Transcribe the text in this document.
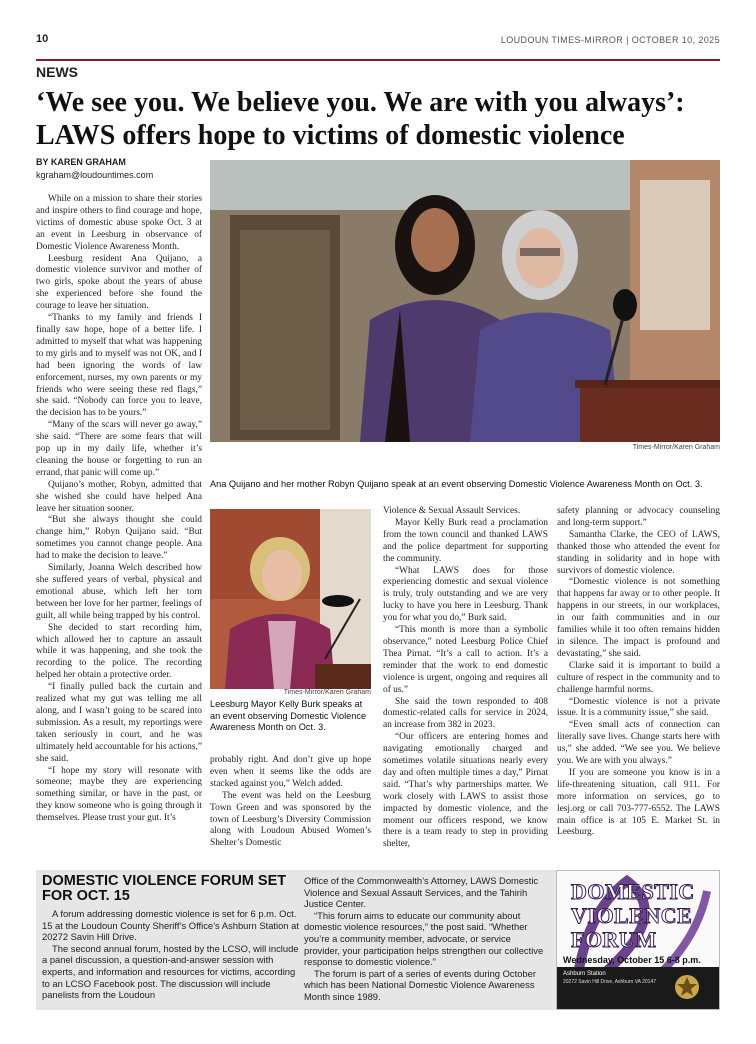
10	LOUDOUN TIMES-MIRROR | OCTOBER 10, 2025
NEWS
‘We see you. We believe you. We are with you always’: LAWS offers hope to victims of domestic violence
BY KAREN GRAHAM
kgraham@loudountimes.com

While on a mission to share their stories and inspire others to find courage and hope, victims of domestic abuse spoke Oct. 3 at an event in Leesburg in observance of Domestic Violence Awareness Month.

Leesburg resident Ana Quijano, a domestic violence survivor and mother of two girls, spoke about the years of abuse she experienced before she found the courage to leave her situation.

“Thanks to my family and friends I finally saw hope, hope of a better life. I admitted to myself that what was happening to my girls and to myself was not OK, and I had been ignoring the words of law enforcement, nurses, my own parents or my friends who were seeing these red flags,” she said. “Nobody can force you to leave, the decision has to be yours.”

“Many of the scars will never go away,” she said. “There are some fears that will pop up in my daily life, whether it’s cleaning the house or forgetting to run an errand, that panic will come up.”

Quijano’s mother, Robyn, admitted that she wished she could have helped Ana leave her situation sooner.

“But she always thought she could change him,” Robyn Quijano said. “But sometimes you cannot change people. Ana had to make the decision to leave.”

Similarly, Joanna Welch described how she suffered years of verbal, physical and emotional abuse, which left her torn between her love for her partner, feelings of guilt, all while being trapped by his control.

She decided to start recording him, which allowed her to capture an assault while it was happening, and she took the recording to the police. The recording helped her obtain a protective order.

“I finally pulled back the curtain and realized what my gut was telling me all along, and I wasn’t going to be scared into submission. As a result, my reportings were taken seriously in court, and he was ultimately held accountable for his actions,” she said.

“I hope my story will resonate with someone; maybe they are experiencing something similar, or have in the past, or they know someone who is going through it themselves. Please trust your gut. It’s

Times-Mirror/Karen Graham
Ana Quijano and her mother Robyn Quijano speak at an event observing Domestic Violence Awareness Month on Oct. 3.
Times-Mirror/Karen Graham
Leesburg Mayor Kelly Burk speaks at an event observing Domestic Violence Awareness Month on Oct. 3.

probably right. And don’t give up hope even when it seems like the odds are stacked against you,” Welch added.

The event was held on the Leesburg Town Green and was sponsored by the town of Leesburg’s Diversity Commission along with Loudoun Abused Women’s Shelter’s Domestic

Violence & Sexual Assault Services.

Mayor Kelly Burk read a proclamation from the town council and thanked LAWS and the police department for supporting the community.

“What LAWS does for those experiencing domestic and sexual violence is truly, truly outstanding and we are very lucky to have you here in Leesburg. Thank you for what you do,” Burk said.

“This month is more than a symbolic observance,” noted Leesburg Police Chief Thea Pirnat. “It’s a call to action. It’s a reminder that the work to end domestic violence is urgent, ongoing and requires all of us.”

She said the town responded to 408 domestic-related calls for service in 2024, an increase from 382 in 2023.

“Our officers are entering homes and navigating emotionally charged and sometimes volatile situations nearly every day and often multiple times a day,” Pirnat said. “That’s why partnerships matter. We work closely with LAWS to assist those impacted by domestic violence, and the moment our officers respond, we know there is a team ready to step in providing shelter,

safety planning or advocacy counseling and long-term support.”

Samantha Clarke, the CEO of LAWS, thanked those who attended the event for standing in solidarity and in hope with survivors of domestic violence.

“Domestic violence is not something that happens far away or to other people. It happens in our streets, in our workplaces, in our faith communities and in our families while it too often remains hidden in silence. The impact is profound and devastating,” she said.

Clarke said it is important to build a culture of respect in the community and to challenge harmful norms.

“Domestic violence is not a private issue. It is a community issue,” she said.

“Even small acts of connection can literally save lives. Change starts here with us,” she added. “We see you. We believe you. We are with you always.”

If you are someone you know is in a life-threatening situation, call 911. For more information on services, go to lesj.org or call 703-777-6552. The LAWS main office is at 105 E. Market St. in Leesburg.

DOMESTIC VIOLENCE FORUM SET FOR OCT. 15

A forum addressing domestic violence is set for 6 p.m. Oct. 15 at the Loudoun County Sheriff’s Office’s Ashburn Station at 20272 Savin Hill Drive.

The second annual forum, hosted by the LCSO, will include a panel discussion, a question-and-answer session with experts, and information and resources for victims, according to an LCSO Facebook post. The discussion will include panelists from the Loudoun

Office of the Commonwealth’s Attorney, LAWS Domestic Violence and Sexual Assault Services, and the Tahirih Justice Center.

“This forum aims to educate our community about domestic violence resources,” the post said. “Whether you’re a community member, advocate, or service provider, your participation helps strengthen our collective response to domestic violence.”

The forum is part of a series of events during October which has been National Domestic Violence Awareness Month since 1989.

DOMESTIC
VIOLENCE
FORUM
Wednesday, October 15 6-8 p.m.
Ashburn Station
20272 Savin Hill Drive, Ashburn VA 20147
